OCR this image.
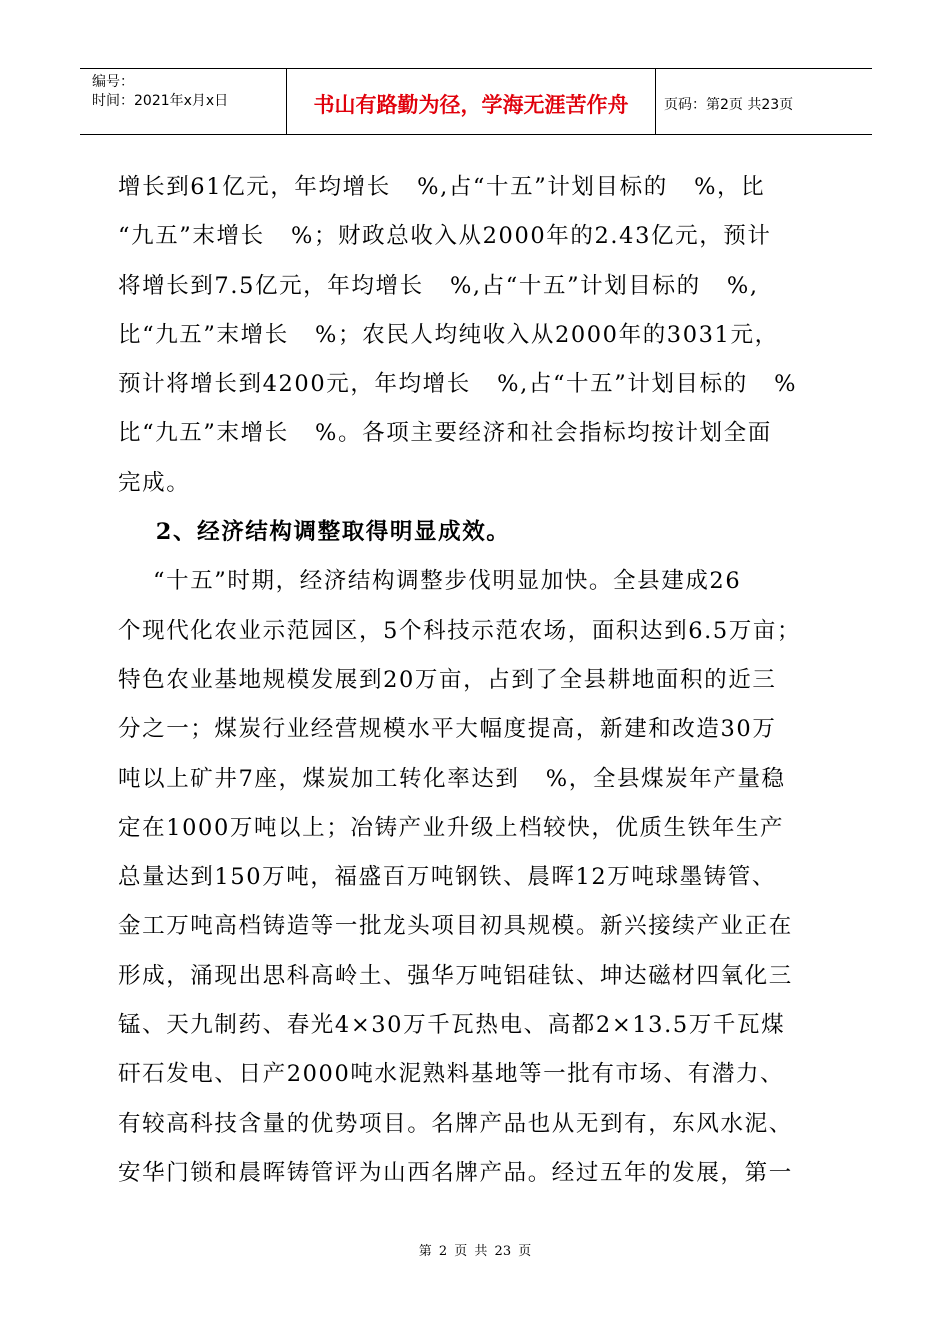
编号：
时间：2021年x月x日	书山有路勤为径，学海无涯苦作舟	页码：第2页 共23页
增长到61亿元，年均增长   %,占“十五”计划目标的   %，比
“九五”末增长   %；财政总收入从2000年的2.43亿元，预计
将增长到7.5亿元，年均增长   %,占“十五”计划目标的   %,
比“九五”末增长   %；农民人均纯收入从2000年的3031元，
预计将增长到4200元，年均增长   %,占“十五”计划目标的   %
比“九五”末增长   %。各项主要经济和社会指标均按计划全面
完成。
2、经济结构调整取得明显成效。
“十五”时期，经济结构调整步伐明显加快。全县建成26
个现代化农业示范园区，5个科技示范农场，面积达到6.5万亩；
特色农业基地规模发展到20万亩，占到了全县耕地面积的近三
分之一；煤炭行业经营规模水平大幅度提高，新建和改造30万
吨以上矿井7座，煤炭加工转化率达到   %，全县煤炭年产量稳
定在1000万吨以上；冶铸产业升级上档较快，优质生铁年生产
总量达到150万吨，福盛百万吨钢铁、晨晖12万吨球墨铸管、
金工万吨高档铸造等一批龙头项目初具规模。新兴接续产业正在
形成，涌现出思科高岭土、强华万吨铝硅钛、坤达磁材四氧化三
锰、天九制药、春光4×30万千瓦热电、高都2×13.5万千瓦煤
矸石发电、日产2000吨水泥熟料基地等一批有市场、有潜力、
有较高科技含量的优势项目。名牌产品也从无到有，东风水泥、
安华门锁和晨晖铸管评为山西名牌产品。经过五年的发展，第一
第 2 页 共 23 页
